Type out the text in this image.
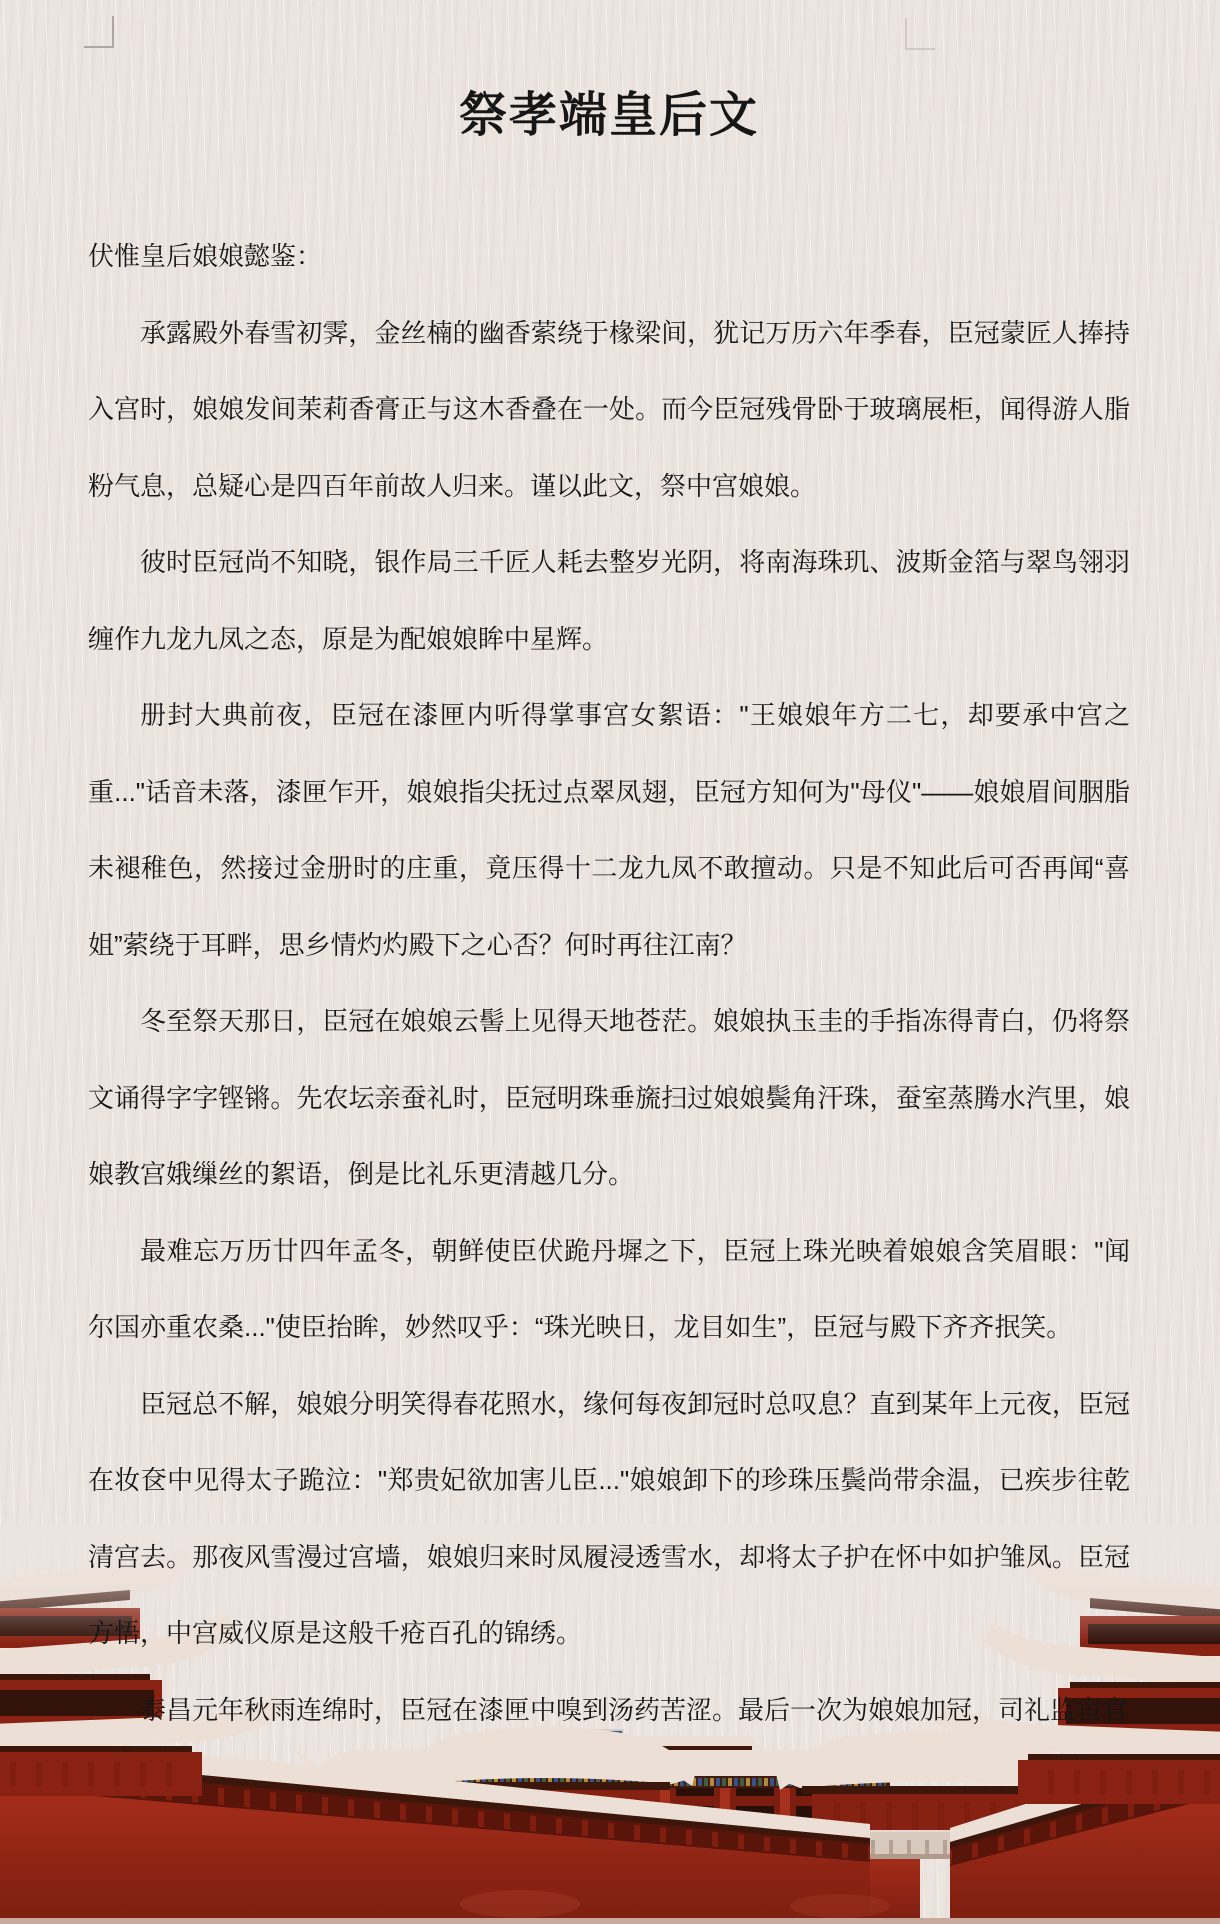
祭孝端皇后文

伏惟皇后娘娘懿鉴：

承露殿外春雪初霁，金丝楠的幽香萦绕于椽梁间，犹记万历六年季春，臣冠蒙匠人捧持入宫时，娘娘发间茉莉香膏正与这木香叠在一处。而今臣冠残骨卧于玻璃展柜，闻得游人脂粉气息，总疑心是四百年前故人归来。谨以此文，祭中宫娘娘。

彼时臣冠尚不知晓，银作局三千匠人耗去整岁光阴，将南海珠玑、波斯金箔与翠鸟翎羽缠作九龙九凤之态，原是为配娘娘眸中星辉。

册封大典前夜，臣冠在漆匣内听得掌事宫女絮语："王娘娘年方二七，却要承中宫之重..."话音未落，漆匣乍开，娘娘指尖抚过点翠凤翅，臣冠方知何为"母仪"——娘娘眉间胭脂未褪稚色，然接过金册时的庄重，竟压得十二龙九凤不敢擅动。只是不知此后可否再闻“喜姐”萦绕于耳畔，思乡情灼灼殿下之心否？何时再往江南？

冬至祭天那日，臣冠在娘娘云髻上见得天地苍茫。娘娘执玉圭的手指冻得青白，仍将祭文诵得字字铿锵。先农坛亲蚕礼时，臣冠明珠垂旒扫过娘娘鬓角汗珠，蚕室蒸腾水汽里，娘娘教宫娥缫丝的絮语，倒是比礼乐更清越几分。

最难忘万历廿四年孟冬，朝鲜使臣伏跪丹墀之下，臣冠上珠光映着娘娘含笑眉眼："闻尔国亦重农桑..."使臣抬眸，妙然叹乎：“珠光映日，龙目如生”，臣冠与殿下齐齐抿笑。

臣冠总不解，娘娘分明笑得春花照水，缘何每夜卸冠时总叹息？直到某年上元夜，臣冠在妆奁中见得太子跪泣："郑贵妃欲加害儿臣..."娘娘卸下的珍珠压鬓尚带余温，已疾步往乾清宫去。那夜风雪漫过宫墙，娘娘归来时凤履浸透雪水，却将太子护在怀中如护雏凤。臣冠方悟，中宫威仪原是这般千疮百孔的锦绣。

泰昌元年秋雨连绵时，臣冠在漆匣中嗅到汤药苦涩。最后一次为娘娘加冠，司礼监宦官
